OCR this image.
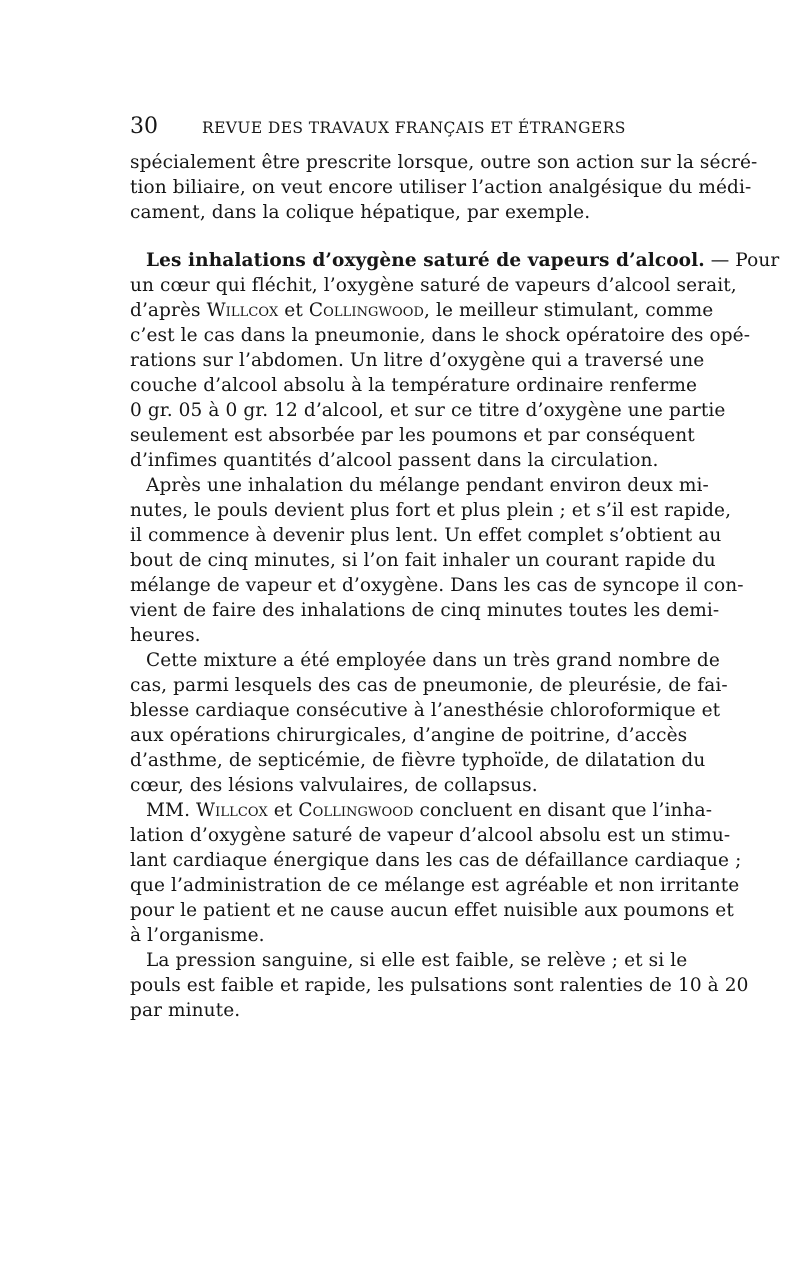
30	REVUE DES TRAVAUX FRANÇAIS ET ÉTRANGERS
spécialement être prescrite lorsque, outre son action sur la sécré-
tion biliaire, on veut encore utiliser l’action analgésique du médi-
cament, dans la colique hépatique, par exemple.
Les inhalations d’oxygène saturé de vapeurs d’alcool. — Pour
un cœur qui fléchit, l’oxygène saturé de vapeurs d’alcool serait,
d’après Willcox et Collingwood, le meilleur stimulant, comme
c’est le cas dans la pneumonie, dans le shock opératoire des opé-
rations sur l’abdomen. Un litre d’oxygène qui a traversé une
couche d’alcool absolu à la température ordinaire renferme
0 gr. 05 à 0 gr. 12 d’alcool, et sur ce titre d’oxygène une partie
seulement est absorbée par les poumons et par conséquent
d’infimes quantités d’alcool passent dans la circulation.
Après une inhalation du mélange pendant environ deux mi-
nutes, le pouls devient plus fort et plus plein ; et s’il est rapide,
il commence à devenir plus lent. Un effet complet s’obtient au
bout de cinq minutes, si l’on fait inhaler un courant rapide du
mélange de vapeur et d’oxygène. Dans les cas de syncope il con-
vient de faire des inhalations de cinq minutes toutes les demi-
heures.
Cette mixture a été employée dans un très grand nombre de
cas, parmi lesquels des cas de pneumonie, de pleurésie, de fai-
blesse cardiaque consécutive à l’anesthésie chloroformique et
aux opérations chirurgicales, d’angine de poitrine, d’accès
d’asthme, de septicémie, de fièvre typhoïde, de dilatation du
cœur, des lésions valvulaires, de collapsus.
MM. Willcox et Collingwood concluent en disant que l’inha-
lation d’oxygène saturé de vapeur d’alcool absolu est un stimu-
lant cardiaque énergique dans les cas de défaillance cardiaque ;
que l’administration de ce mélange est agréable et non irritante
pour le patient et ne cause aucun effet nuisible aux poumons et
à l’organisme.
La pression sanguine, si elle est faible, se relève ; et si le
pouls est faible et rapide, les pulsations sont ralenties de 10 à 20
par minute.
